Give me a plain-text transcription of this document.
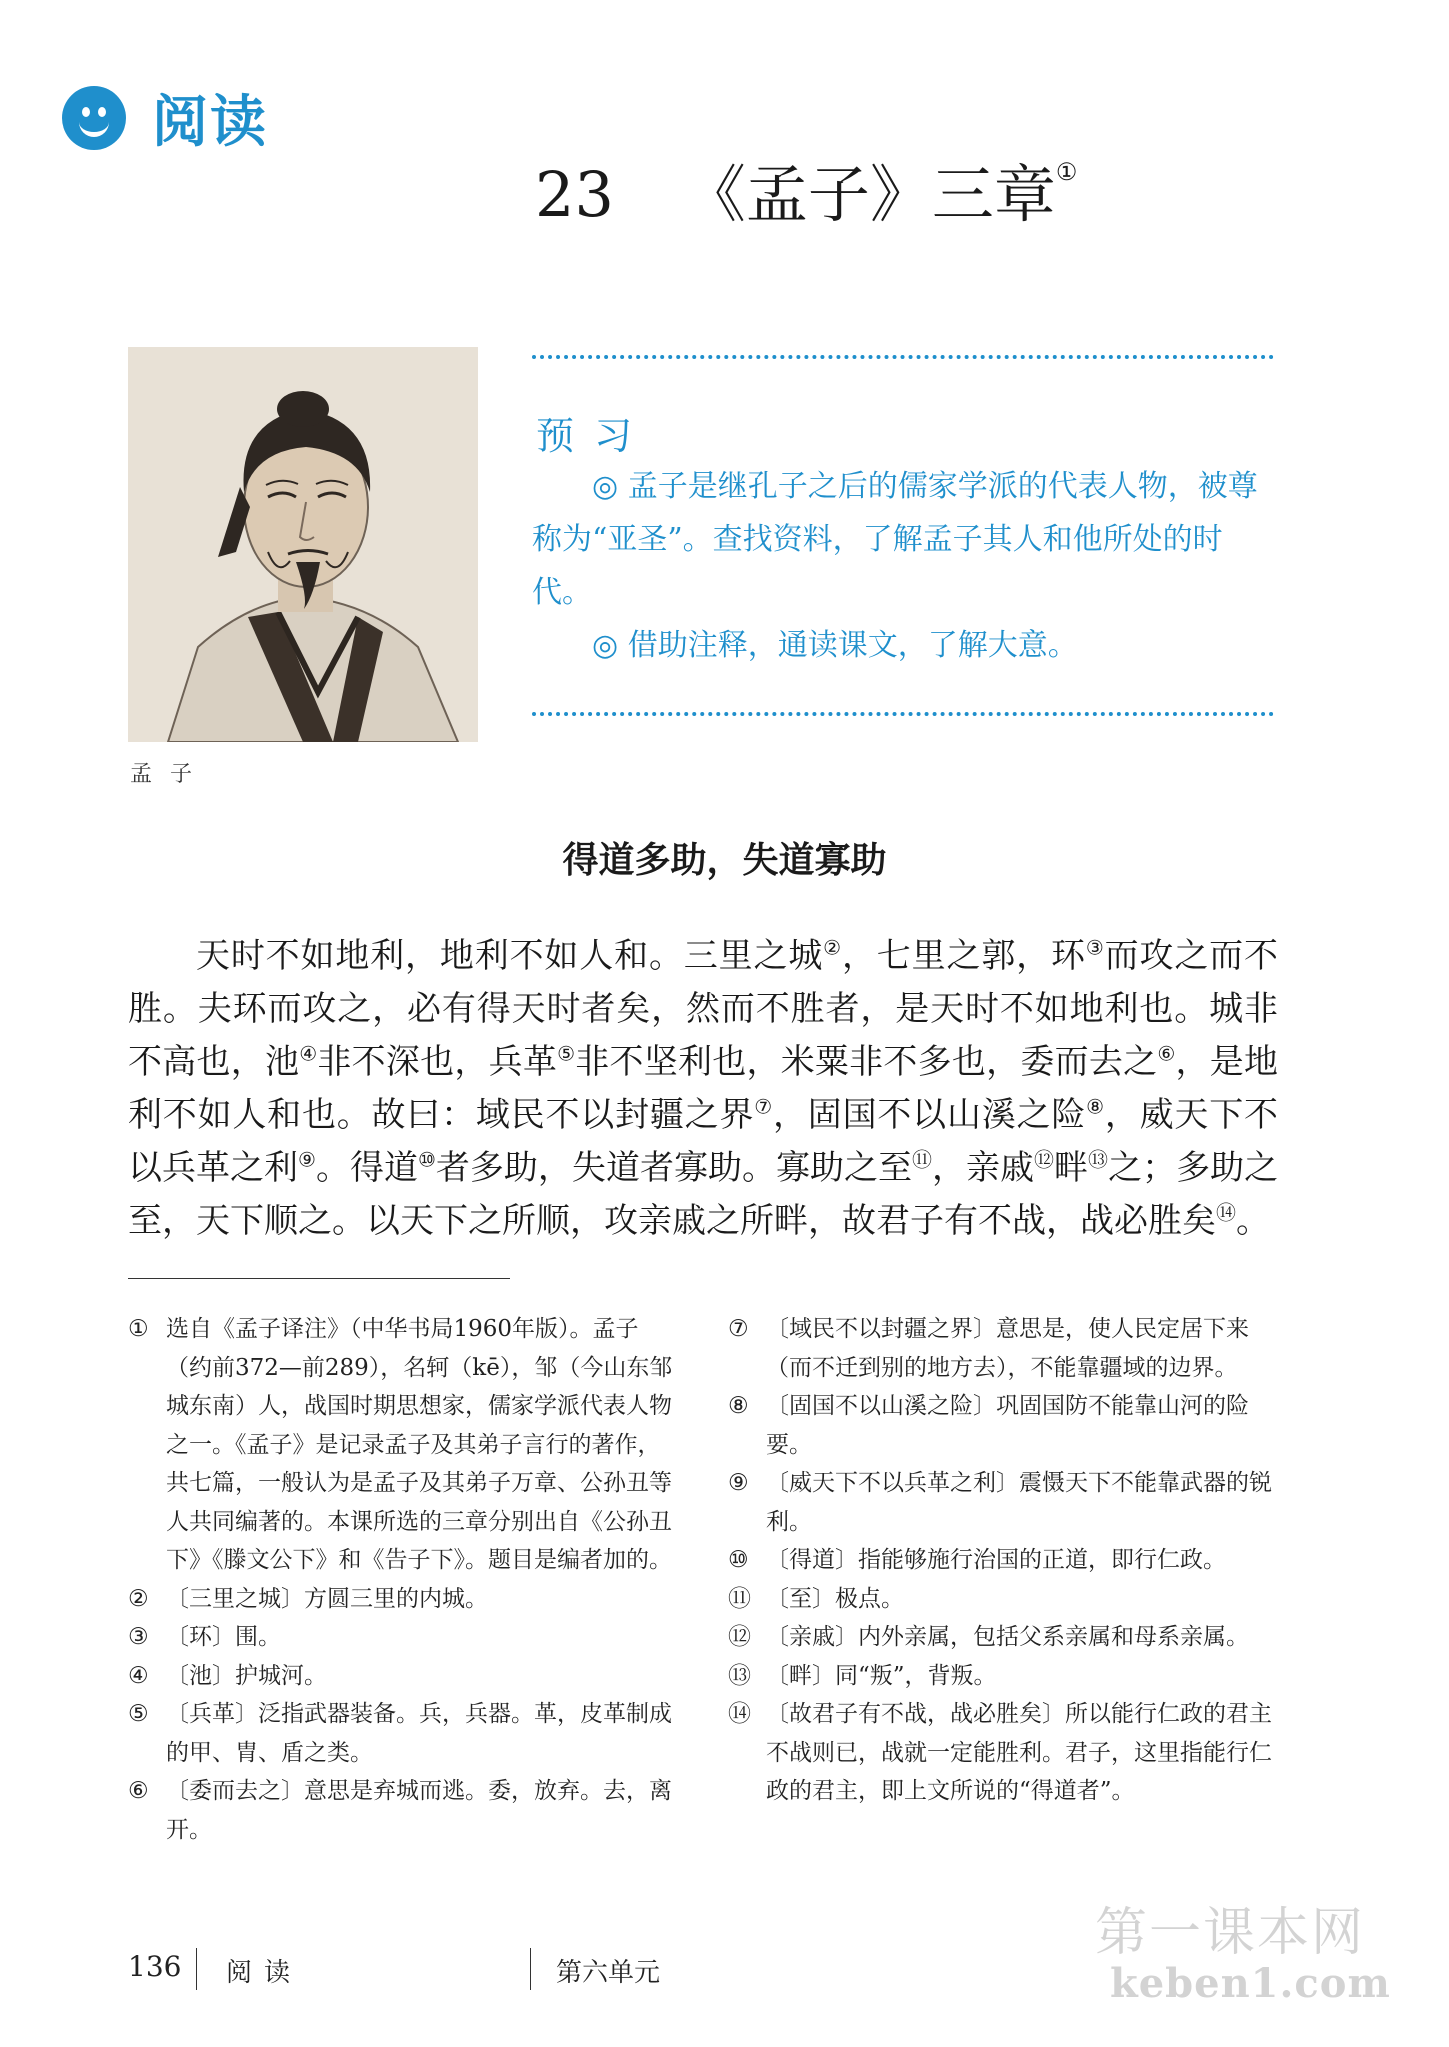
阅读
23 《孟子》三章①
孟子
预习

◎ 孟子是继孔子之后的儒家学派的代表人物，被尊称为“亚圣”。查找资料，了解孟子其人和他所处的时代。

◎ 借助注释，通读课文，了解大意。

得道多助，失道寡助

天时不如地利，地利不如人和。三里之城②，七里之郭，环③而攻之而不胜。夫环而攻之，必有得天时者矣，然而不胜者，是天时不如地利也。城非不高也，池④非不深也，兵革⑤非不坚利也，米粟非不多也，委而去之⑥，是地利不如人和也。故曰：域民不以封疆之界⑦，固国不以山溪之险⑧，威天下不以兵革之利⑨。得道⑩者多助，失道者寡助。寡助之至⑪，亲戚⑫畔⑬之；多助之至，天下顺之。以天下之所顺，攻亲戚之所畔，故君子有不战，战必胜矣⑭。

① 选自《孟子译注》（中华书局1960年版）。孟子（约前372—前289），名轲（kē），邹（今山东邹城东南）人，战国时期思想家，儒家学派代表人物之一。《孟子》是记录孟子及其弟子言行的著作，共七篇，一般认为是孟子及其弟子万章、公孙丑等人共同编著的。本课所选的三章分别出自《公孙丑下》《滕文公下》和《告子下》。题目是编者加的。

② 〔三里之城〕方圆三里的内城。

③ 〔环〕围。

④ 〔池〕护城河。

⑤ 〔兵革〕泛指武器装备。兵，兵器。革，皮革制成的甲、胄、盾之类。

⑥ 〔委而去之〕意思是弃城而逃。委，放弃。去，离开。

⑦ 〔域民不以封疆之界〕意思是，使人民定居下来（而不迁到别的地方去），不能靠疆域的边界。

⑧ 〔固国不以山溪之险〕巩固国防不能靠山河的险要。

⑨ 〔威天下不以兵革之利〕震慑天下不能靠武器的锐利。

⑩ 〔得道〕指能够施行治国的正道，即行仁政。

⑪ 〔至〕极点。

⑫ 〔亲戚〕内外亲属，包括父系亲属和母系亲属。

⑬ 〔畔〕同“叛”，背叛。

⑭ 〔故君子有不战，战必胜矣〕所以能行仁政的君主不战则已，战就一定能胜利。君子，这里指能行仁政的君主，即上文所说的“得道者”。

136 阅读	第六单元
第一课本网
keben1.com
